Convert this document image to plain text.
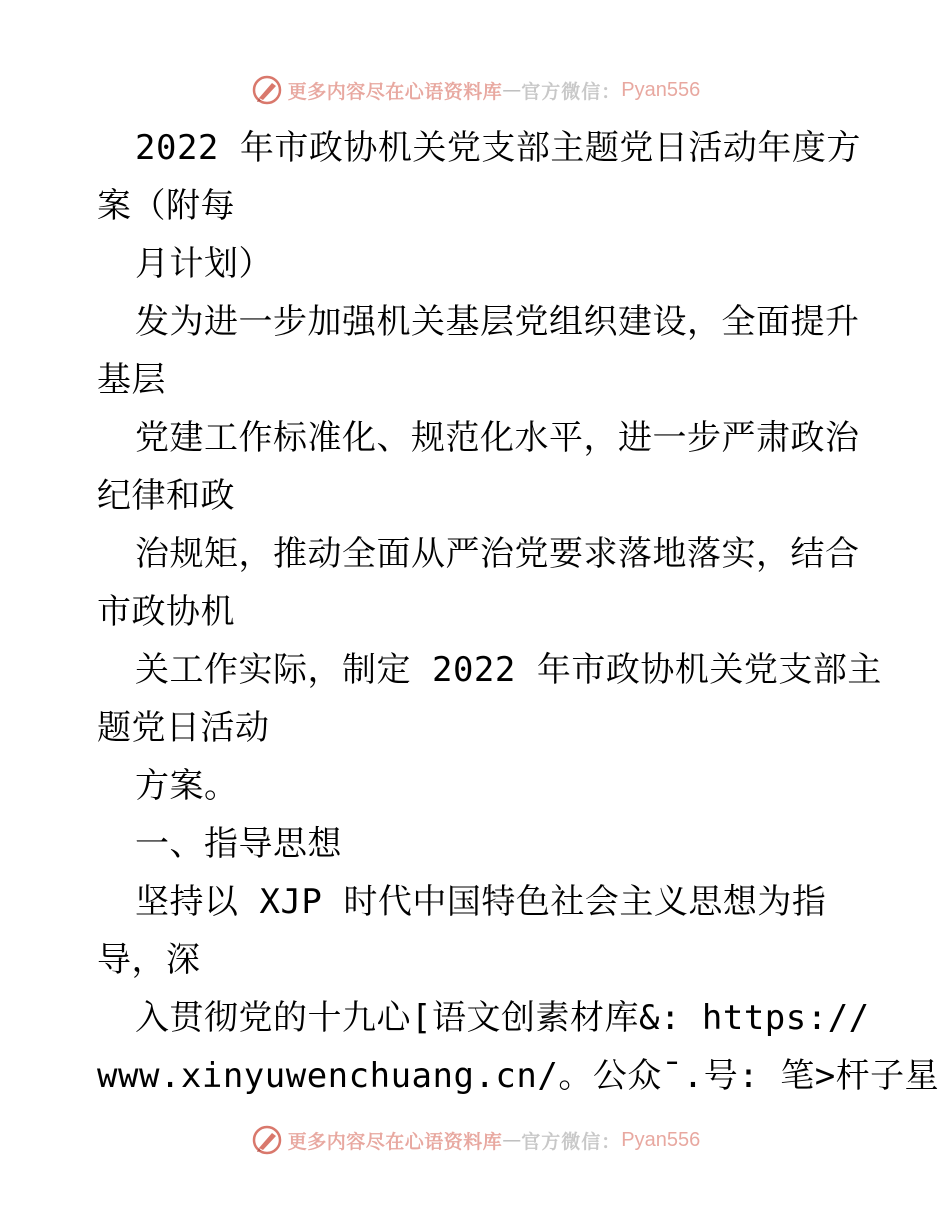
更多内容尽在心语资料库 — 官方微信： Pyan556
2022 年市政协机关党支部主题党日活动年度方
案（附每
月计划）
发为进一步加强机关基层党组织建设，全面提升
基层
党建工作标准化、规范化水平，进一步严肃政治
纪律和政
治规矩，推动全面从严治党要求落地落实，结合
市政协机
关工作实际，制定 2022 年市政协机关党支部主
题党日活动
方案。
一、指导思想
坚持以 XJP 时代中国特色社会主义思想为指
导，深
入贯彻党的十九心[语文创素材库&: https://
www.xinyuwenchuang.cn/。公众¯.号: 笔>杆子星
更多内容尽在心语资料库 — 官方微信： Pyan556
